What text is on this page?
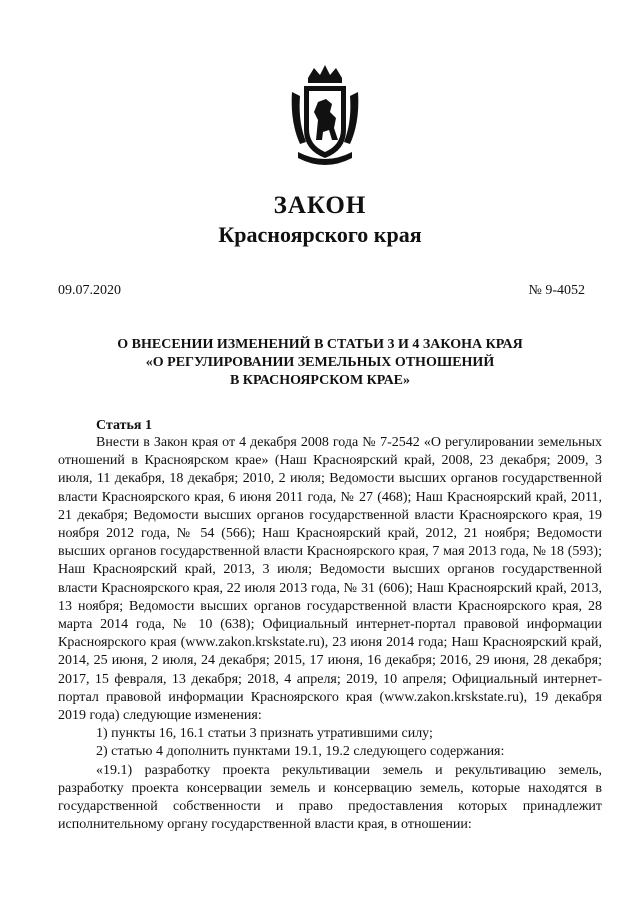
ЗАКОН
Красноярского края
09.07.2020	№ 9-4052
О ВНЕСЕНИИ ИЗМЕНЕНИЙ В СТАТЬИ 3 И 4 ЗАКОНА КРАЯ
«О РЕГУЛИРОВАНИИ ЗЕМЕЛЬНЫХ ОТНОШЕНИЙ
В КРАСНОЯРСКОМ КРАЕ»
Статья 1

Внести в Закон края от 4 декабря 2008 года № 7-2542 «О регулировании земельных отношений в Красноярском крае» (Наш Красноярский край, 2008, 23 декабря; 2009, 3 июля, 11 декабря, 18 декабря; 2010, 2 июля; Ведомости высших органов государственной власти Красноярского края, 6 июня 2011 года, № 27 (468); Наш Красноярский край, 2011, 21 декабря; Ведомости высших органов государственной власти Красноярского края, 19 ноября 2012 года, № 54 (566); Наш Красноярский край, 2012, 21 ноября; Ведомости высших органов государственной власти Красноярского края, 7 мая 2013 года, № 18 (593); Наш Красноярский край, 2013, 3 июля; Ведомости высших органов государственной власти Красноярского края, 22 июля 2013 года, № 31 (606); Наш Красноярский край, 2013, 13 ноября; Ведомости высших органов государственной власти Красноярского края, 28 марта 2014 года, № 10 (638); Официальный интернет-портал правовой информации Красноярского края (www.zakon.krskstate.ru), 23 июня 2014 года; Наш Красноярский край, 2014, 25 июня, 2 июля, 24 декабря; 2015, 17 июня, 16 декабря; 2016, 29 июня, 28 декабря; 2017, 15 февраля, 13 декабря; 2018, 4 апреля; 2019, 10 апреля; Официальный интернет-портал правовой информации Красноярского края (www.zakon.krskstate.ru), 19 декабря 2019 года) следующие изменения:

1) пункты 16, 16.1 статьи 3 признать утратившими силу;

2) статью 4 дополнить пунктами 19.1, 19.2 следующего содержания:

«19.1) разработку проекта рекультивации земель и рекультивацию земель, разработку проекта консервации земель и консервацию земель, которые находятся в государственной собственности и право предоставления которых принадлежит исполнительному органу государственной власти края, в отношении:
